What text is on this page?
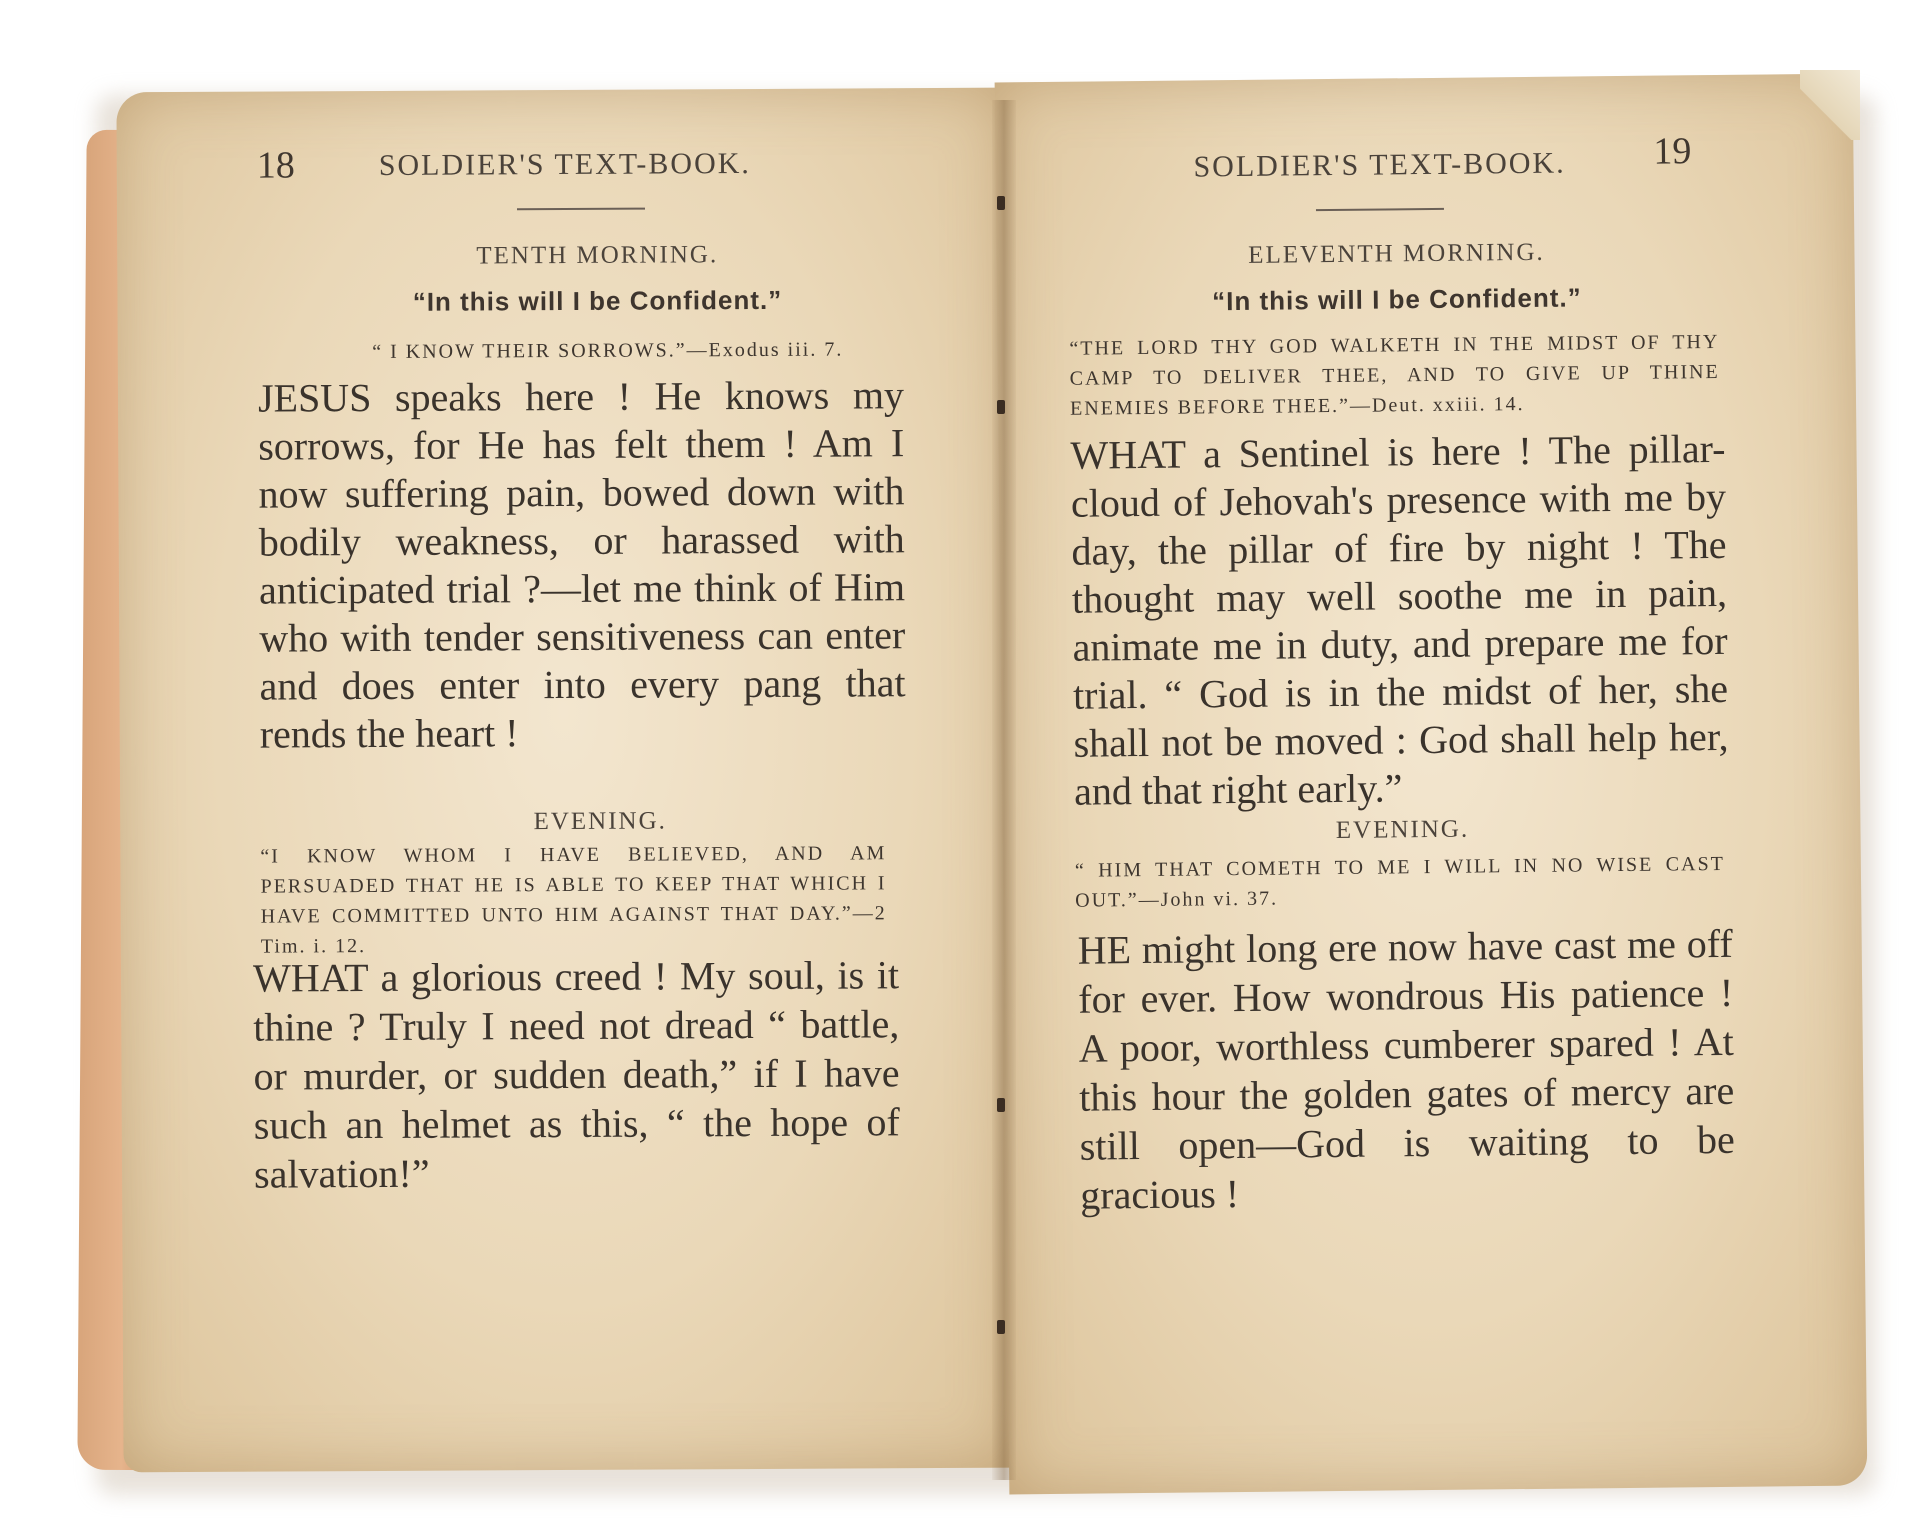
18	SOLDIER'S TEXT-BOOK.
TENTH MORNING.
“In this will I be Confident.”
“ I KNOW THEIR SORROWS.”—Exodus iii. 7.
JESUS speaks here ! He knows my sorrows, for He has felt them ! Am I now suffering pain, bowed down with bodily weakness, or harassed with anticipated trial ?—let me think of Him who with tender sensitiveness can enter and does enter into every pang that rends the heart !
EVENING.
“I KNOW WHOM I HAVE BELIEVED, AND AM PERSUADED THAT HE IS ABLE TO KEEP THAT WHICH I HAVE COMMITTED UNTO HIM AGAINST THAT DAY.”—2 Tim. i. 12.
WHAT a glorious creed ! My soul, is it thine ? Truly I need not dread “ battle, or murder, or sudden death,” if I have such an helmet as this, “ the hope of salvation!”
SOLDIER'S TEXT-BOOK. 19
ELEVENTH MORNING.
“In this will I be Confident.”
“THE LORD THY GOD WALKETH IN THE MIDST OF THY CAMP TO DELIVER THEE, AND TO GIVE UP THINE ENEMIES BEFORE THEE.”—Deut. xxiii. 14.
WHAT a Sentinel is here ! The pillar-cloud of Jehovah's presence with me by day, the pillar of fire by night ! The thought may well soothe me in pain, animate me in duty, and prepare me for trial. “ God is in the midst of her, she shall not be moved : God shall help her, and that right early.”
EVENING.
“ HIM THAT COMETH TO ME I WILL IN NO WISE CAST OUT.”—John vi. 37.
HE might long ere now have cast me off for ever. How wondrous His patience ! A poor, worthless cumberer spared ! At this hour the golden gates of mercy are still open—God is waiting to be gracious !
